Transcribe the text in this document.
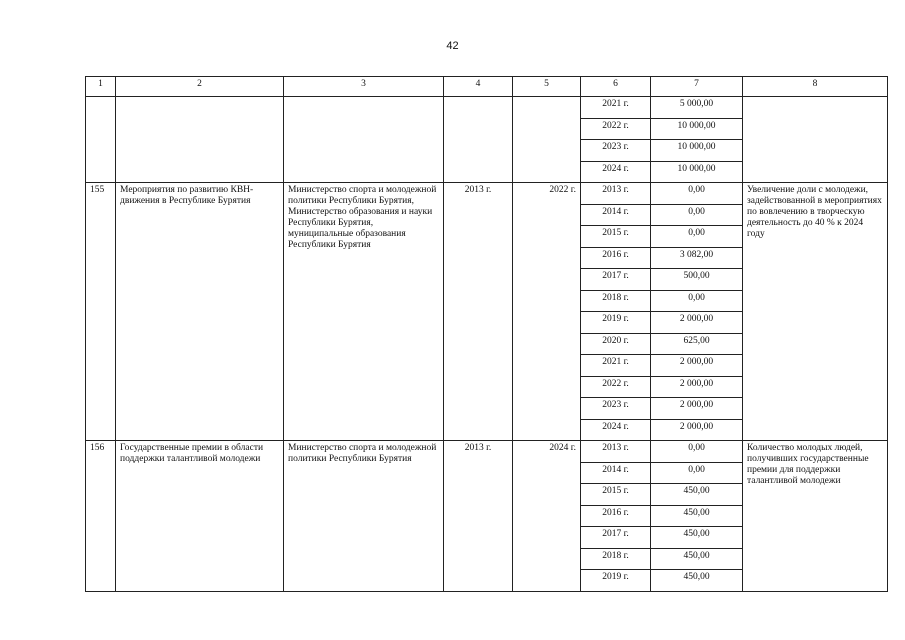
42
1	2	3	4	5	6	7	8
					2021 г.	5 000,00	
					2022 г.	10 000,00	
					2023 г.	10 000,00	
					2024 г.	10 000,00	
155	Мероприятия по развитию КВН-движения в Республике Бурятия	Министерство спорта и молодежной политики Республики Бурятия, Министерство образования и науки Республики Бурятия, муниципальные образования Республики Бурятия	2013 г.	2022 г.	2013 г.	0,00	Увеличение доли с молодежи, задействованной в мероприятиях по вовлечению в творческую деятельность до 40 % к 2024 году
					2014 г.	0,00	
					2015 г.	0,00	
					2016 г.	3 082,00	
					2017 г.	500,00	
					2018 г.	0,00	
					2019 г.	2 000,00	
					2020 г.	625,00	
					2021 г.	2 000,00	
					2022 г.	2 000,00	
					2023 г.	2 000,00	
					2024 г.	2 000,00	
156	Государственные премии в области поддержки талантливой молодежи	Министерство спорта и молодежной политики Республики Бурятия	2013 г.	2024 г.	2013 г.	0,00	Количество молодых людей, получивших государственные премии для поддержки талантливой молодежи
					2014 г.	0,00	
					2015 г.	450,00	
					2016 г.	450,00	
					2017 г.	450,00	
					2018 г.	450,00	
					2019 г.	450,00	
